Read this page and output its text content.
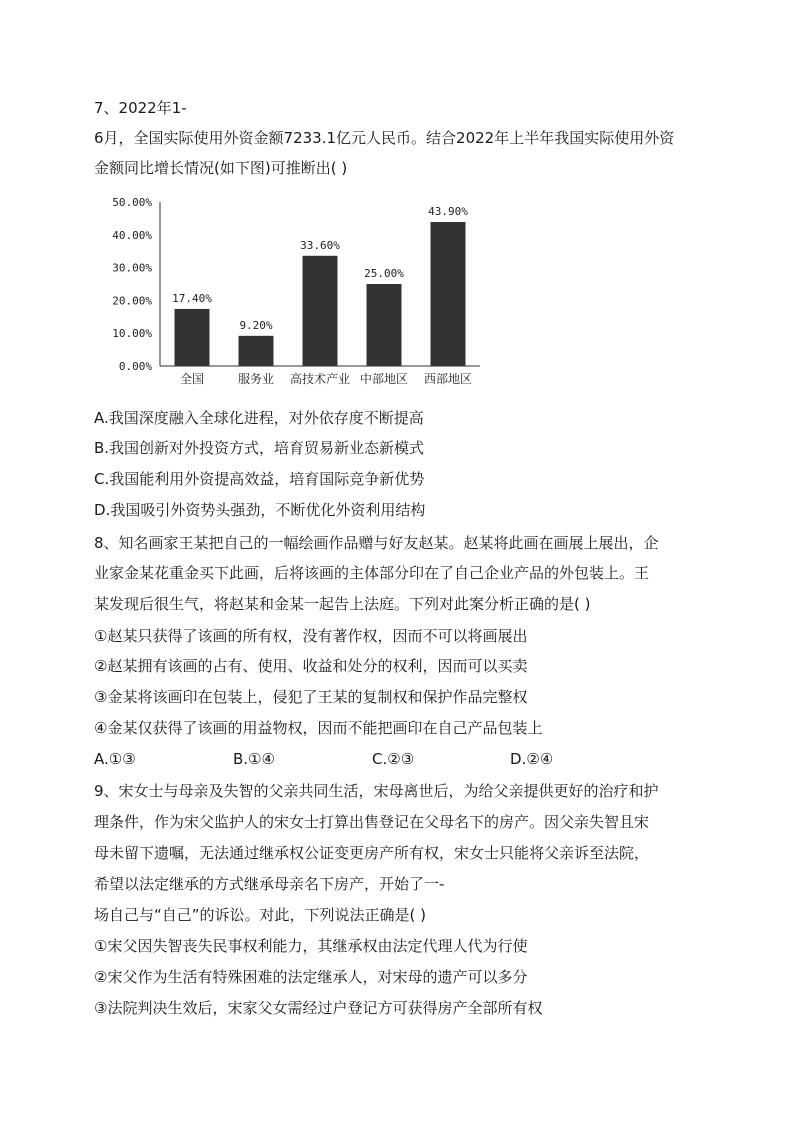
7、2022年1-
6月，全国实际使用外资金额7233.1亿元人民币。结合2022年上半年我国实际使用外资
金额同比增长情况(如下图)可推断出( )
0.00%
10.00%
20.00%
30.00%
40.00%
50.00%
17.40%
全国
9.20%
服务业
33.60%
高技术产业
25.00%
中部地区
43.90%
西部地区
A.我国深度融入全球化进程，对外依存度不断提高
B.我国创新对外投资方式，培育贸易新业态新模式
C.我国能利用外资提高效益，培育国际竞争新优势
D.我国吸引外资势头强劲，不断优化外资利用结构
8、知名画家王某把自己的一幅绘画作品赠与好友赵某。赵某将此画在画展上展出，企
业家金某花重金买下此画，后将该画的主体部分印在了自己企业产品的外包装上。王
某发现后很生气，将赵某和金某一起告上法庭。下列对此案分析正确的是( )
①赵某只获得了该画的所有权，没有著作权，因而不可以将画展出
②赵某拥有该画的占有、使用、收益和处分的权利，因而可以买卖
③金某将该画印在包装上，侵犯了王某的复制权和保护作品完整权
④金某仅获得了该画的用益物权，因而不能把画印在自己产品包装上
A.①③	B.①④	C.②③	D.②④
9、宋女士与母亲及失智的父亲共同生活，宋母离世后，为给父亲提供更好的治疗和护
理条件，作为宋父监护人的宋女士打算出售登记在父母名下的房产。因父亲失智且宋
母未留下遗嘱，无法通过继承权公证变更房产所有权，宋女士只能将父亲诉至法院，
希望以法定继承的方式继承母亲名下房产，开始了一-
场自己与“自己”的诉讼。对此，下列说法正确是( )
①宋父因失智丧失民事权利能力，其继承权由法定代理人代为行使
②宋父作为生活有特殊困难的法定继承人，对宋母的遗产可以多分
③法院判决生效后，宋家父女需经过户登记方可获得房产全部所有权
